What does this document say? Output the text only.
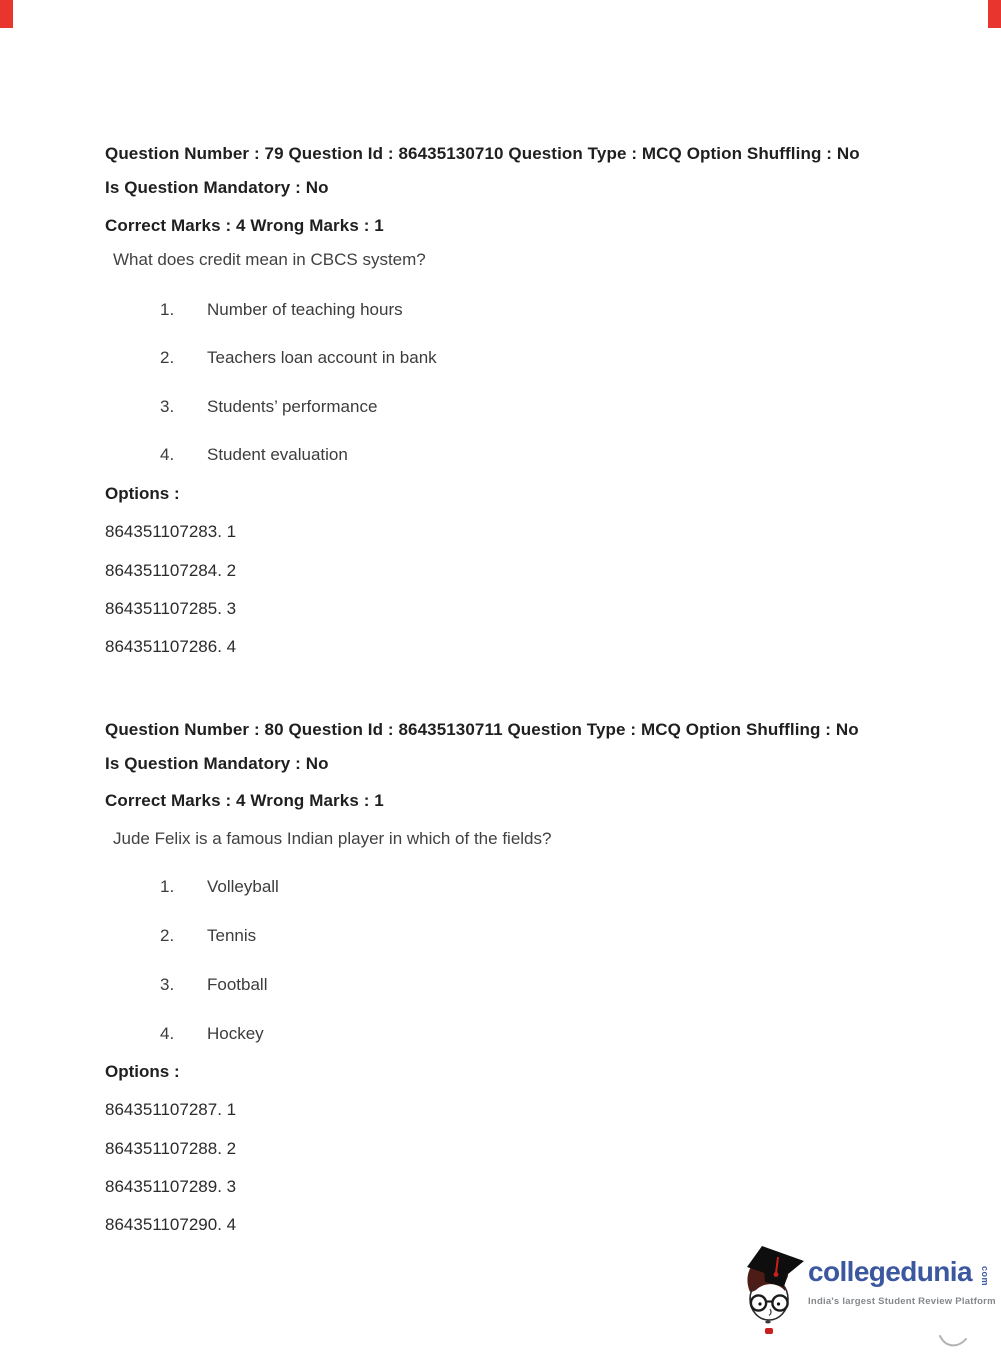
Question Number : 79 Question Id : 86435130710 Question Type : MCQ Option Shuffling : No
Is Question Mandatory : No
Correct Marks : 4 Wrong Marks : 1
What does credit mean in CBCS system?
1.	Number of teaching hours
2.	Teachers loan account in bank
3.	Students’ performance
4.	Student evaluation
Options :
864351107283. 1
864351107284. 2
864351107285. 3
864351107286. 4
Question Number : 80 Question Id : 86435130711 Question Type : MCQ Option Shuffling : No
Is Question Mandatory : No
Correct Marks : 4 Wrong Marks : 1
Jude Felix is a famous Indian player in which of the fields?
1.	Volleyball
2.	Tennis
3.	Football
4.	Hockey
Options :
864351107287. 1
864351107288. 2
864351107289. 3
864351107290. 4
collegedunia com
India's largest Student Review Platform
